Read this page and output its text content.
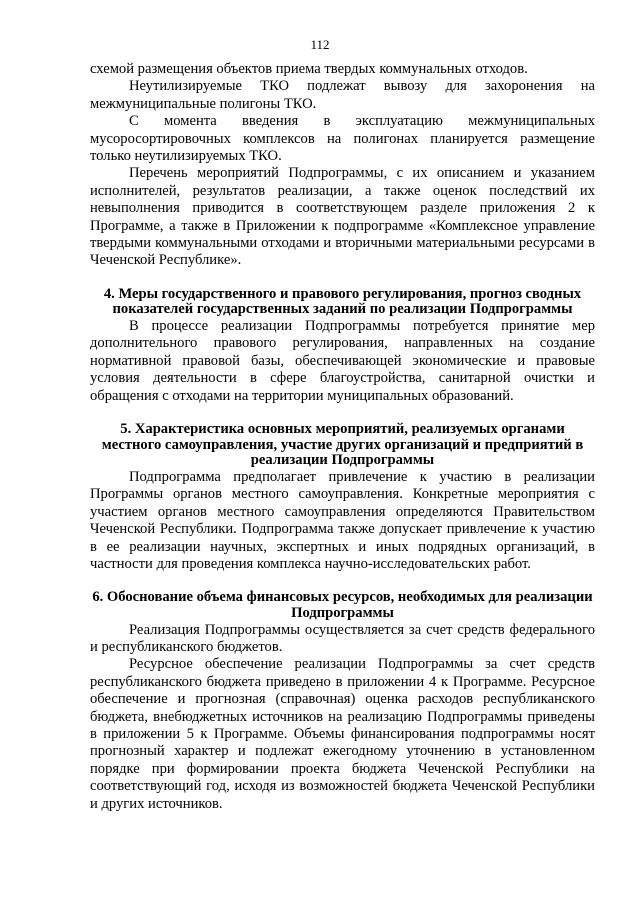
112

схемой размещения объектов приема твердых коммунальных отходов.

Неутилизируемые ТКО подлежат вывозу для захоронения на межмуниципальные полигоны ТКО.

С момента введения в эксплуатацию межмуниципальных мусоросортировочных комплексов на полигонах планируется размещение только неутилизируемых ТКО.

Перечень мероприятий Подпрограммы, с их описанием и указанием исполнителей, результатов реализации, а также оценок последствий их невыполнения приводится в соответствующем разделе приложения 2 к Программе, а также в Приложении к подпрограмме «Комплексное управление твердыми коммунальными отходами и вторичными материальными ресурсами в Чеченской Республике».

4. Меры государственного и правового регулирования, прогноз сводных показателей государственных заданий по реализации Подпрограммы

В процессе реализации Подпрограммы потребуется принятие мер дополнительного правового регулирования, направленных на создание нормативной правовой базы, обеспечивающей экономические и правовые условия деятельности в сфере благоустройства, санитарной очистки и обращения с отходами на территории муниципальных образований.

5. Характеристика основных мероприятий, реализуемых органами местного самоуправления, участие других организаций и предприятий в реализации Подпрограммы

Подпрограмма предполагает привлечение к участию в реализации Программы органов местного самоуправления. Конкретные мероприятия с участием органов местного самоуправления определяются Правительством Чеченской Республики. Подпрограмма также допускает привлечение к участию в ее реализации научных, экспертных и иных подрядных организаций, в частности для проведения комплекса научно-исследовательских работ.

6. Обоснование объема финансовых ресурсов, необходимых для реализации Подпрограммы

Реализация Подпрограммы осуществляется за счет средств федерального и республиканского бюджетов.

Ресурсное обеспечение реализации Подпрограммы за счет средств республиканского бюджета приведено в приложении 4 к Программе. Ресурсное обеспечение и прогнозная (справочная) оценка расходов республиканского бюджета, внебюджетных источников на реализацию Подпрограммы приведены в приложении 5 к Программе. Объемы финансирования подпрограммы носят прогнозный характер и подлежат ежегодному уточнению в установленном порядке при формировании проекта бюджета Чеченской Республики на соответствующий год, исходя из возможностей бюджета Чеченской Республики и других источников.
